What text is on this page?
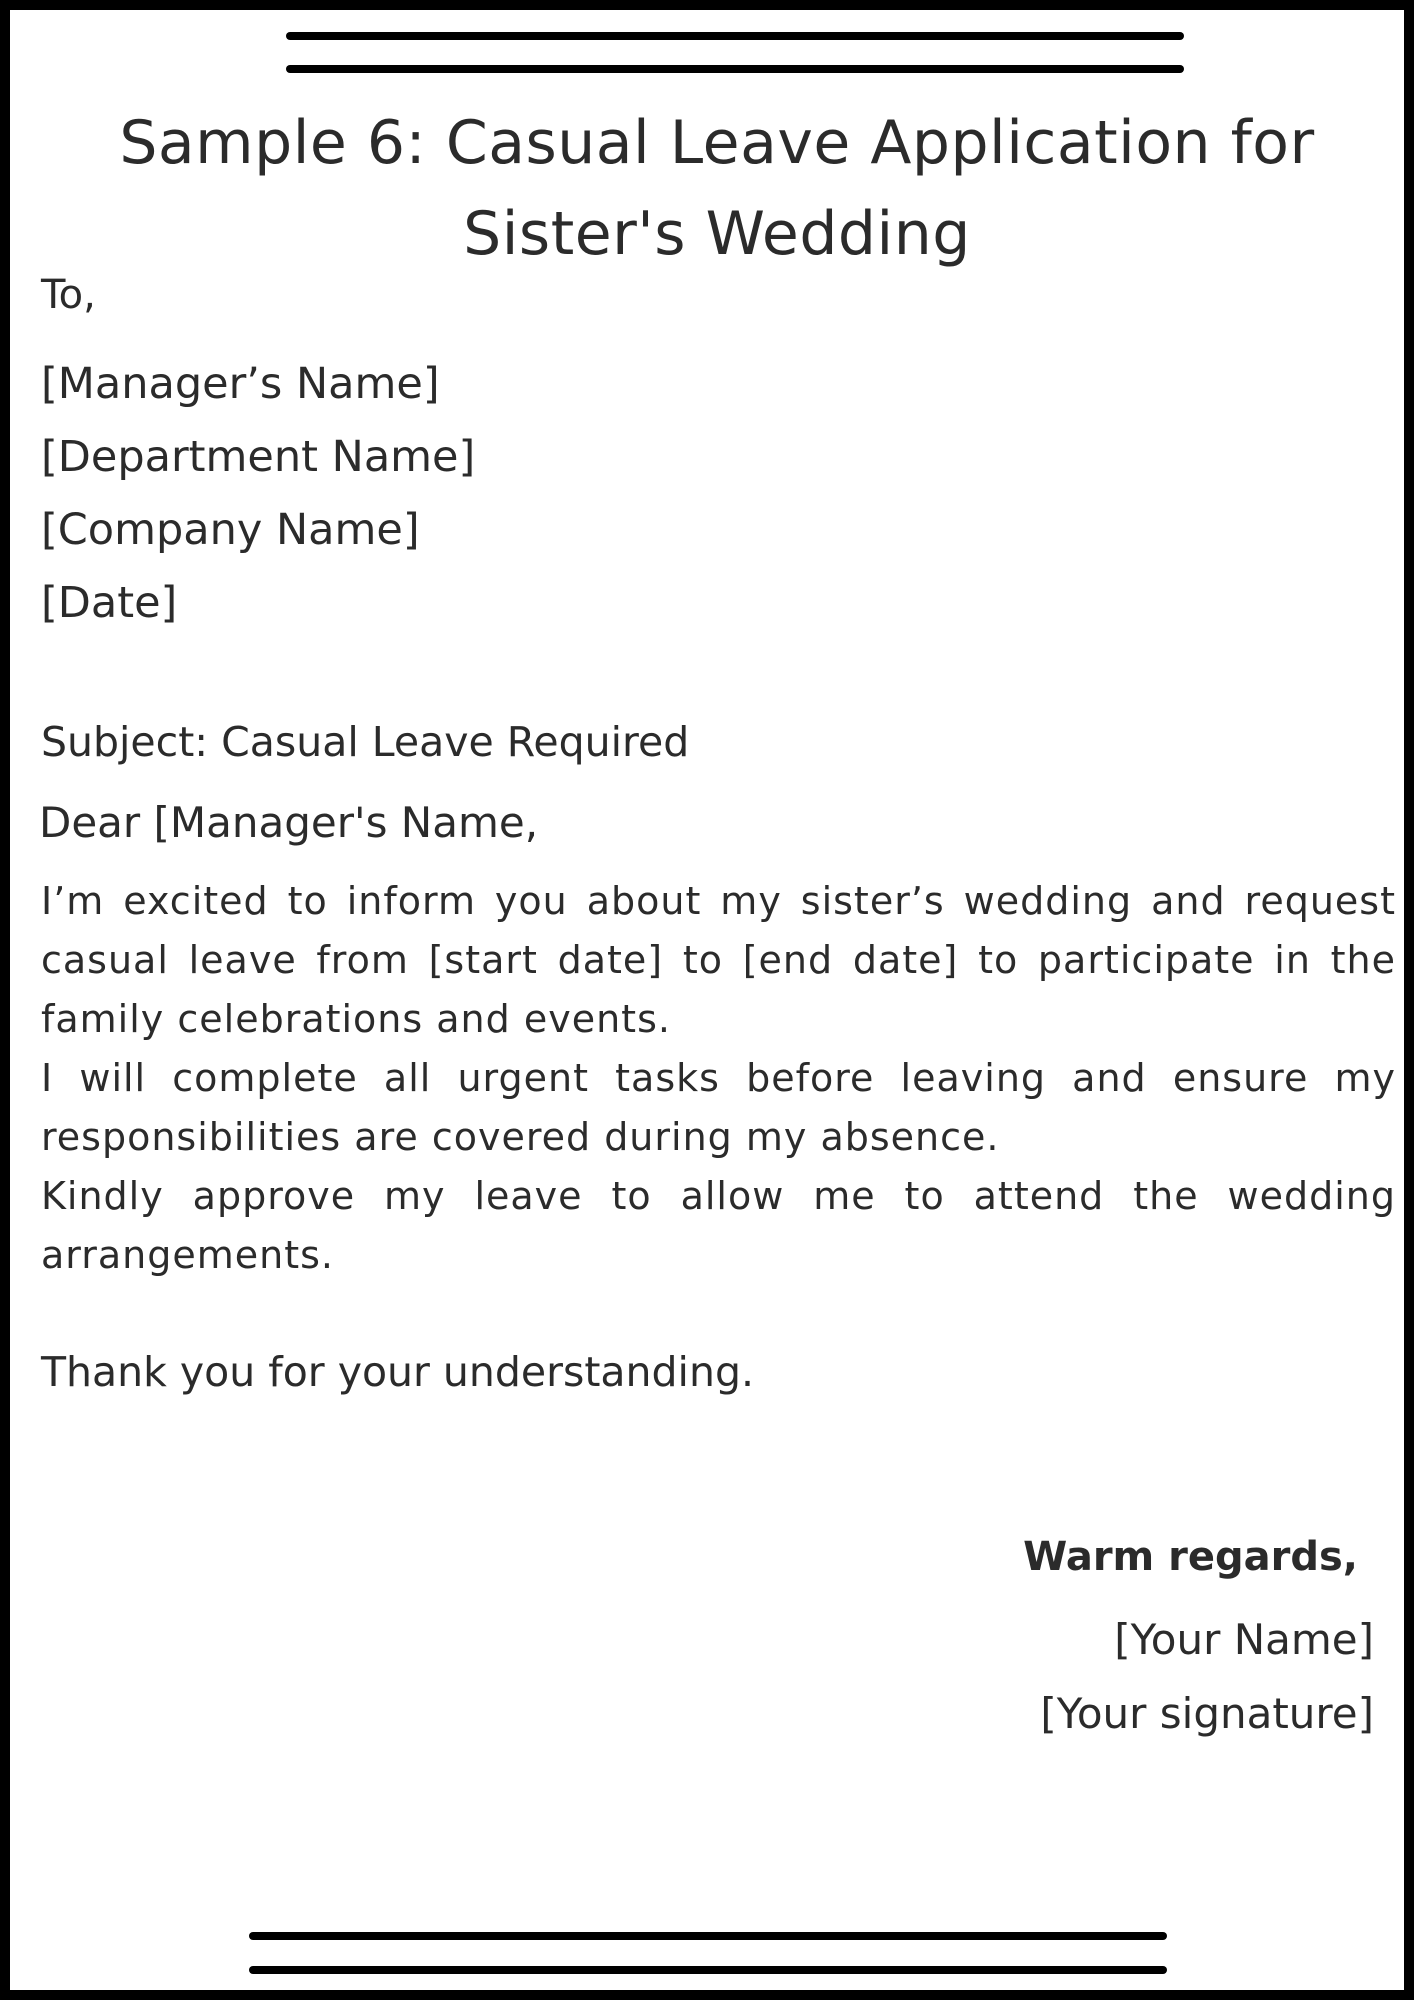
Sample 6: Casual Leave Application for
Sister's Wedding

To,

[Manager’s Name]
[Department Name]
[Company Name]
[Date]

Subject: Casual Leave Required

Dear [Manager's Name,

I’m excited to inform you about my sister’s wedding and request casual leave from [start date] to [end date] to participate in the family celebrations and events.

I will complete all urgent tasks before leaving and ensure my responsibilities are covered during my absence.

Kindly approve my leave to allow me to attend the wedding arrangements.

Thank you for your understanding.

Warm regards,

[Your Name]

[Your signature]
